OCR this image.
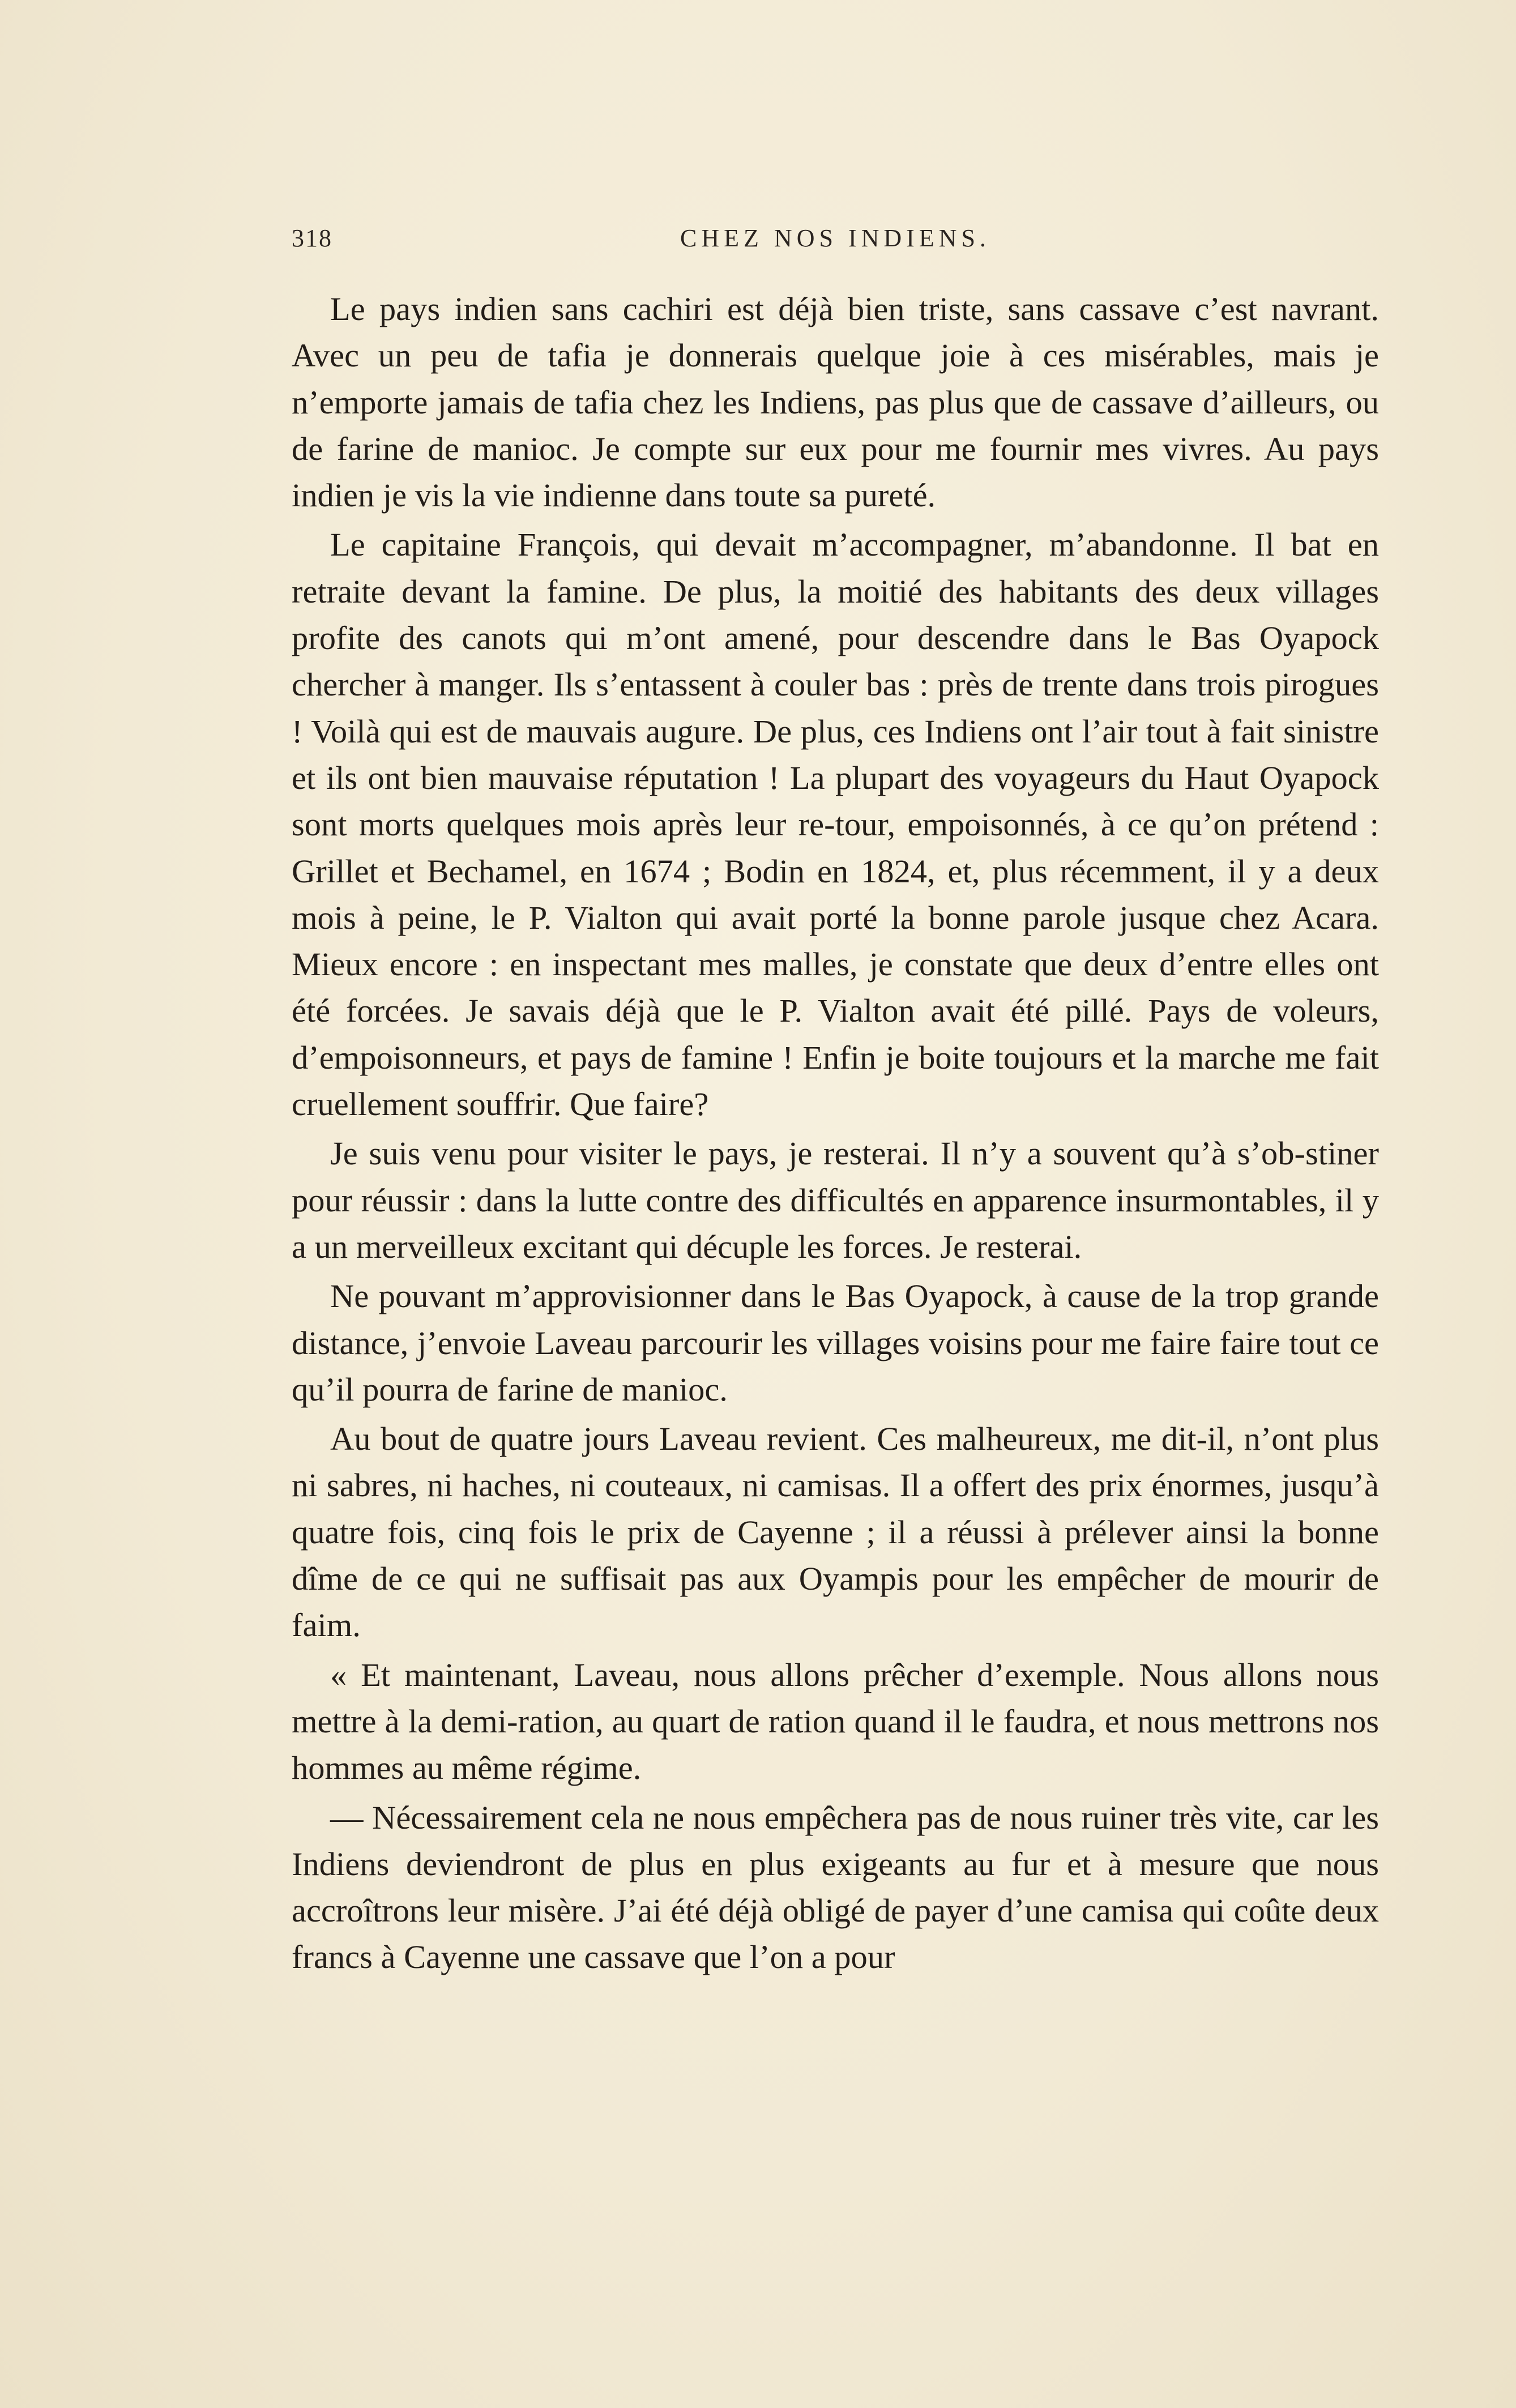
318	CHEZ NOS INDIENS.

Le pays indien sans cachiri est déjà bien triste, sans cassave c’est navrant. Avec un peu de tafia je donnerais quelque joie à ces misérables, mais je n’emporte jamais de tafia chez les Indiens, pas plus que de cassave d’ailleurs, ou de farine de manioc. Je compte sur eux pour me fournir mes vivres. Au pays indien je vis la vie indienne dans toute sa pureté.

Le capitaine François, qui devait m’accompagner, m’abandonne. Il bat en retraite devant la famine. De plus, la moitié des habitants des deux villages profite des canots qui m’ont amené, pour descendre dans le Bas Oyapock chercher à manger. Ils s’entassent à couler bas : près de trente dans trois pirogues ! Voilà qui est de mauvais augure. De plus, ces Indiens ont l’air tout à fait sinistre et ils ont bien mauvaise réputation ! La plupart des voyageurs du Haut Oyapock sont morts quelques mois après leur re-tour, empoisonnés, à ce qu’on prétend : Grillet et Bechamel, en 1674 ; Bodin en 1824, et, plus récemment, il y a deux mois à peine, le P. Vialton qui avait porté la bonne parole jusque chez Acara. Mieux encore : en inspectant mes malles, je constate que deux d’entre elles ont été forcées. Je savais déjà que le P. Vialton avait été pillé. Pays de voleurs, d’empoisonneurs, et pays de famine ! Enfin je boite toujours et la marche me fait cruellement souffrir. Que faire?

Je suis venu pour visiter le pays, je resterai. Il n’y a souvent qu’à s’ob-stiner pour réussir : dans la lutte contre des difficultés en apparence insurmontables, il y a un merveilleux excitant qui décuple les forces. Je resterai.

Ne pouvant m’approvisionner dans le Bas Oyapock, à cause de la trop grande distance, j’envoie Laveau parcourir les villages voisins pour me faire faire tout ce qu’il pourra de farine de manioc.

Au bout de quatre jours Laveau revient. Ces malheureux, me dit-il, n’ont plus ni sabres, ni haches, ni couteaux, ni camisas. Il a offert des prix énormes, jusqu’à quatre fois, cinq fois le prix de Cayenne ; il a réussi à prélever ainsi la bonne dîme de ce qui ne suffisait pas aux Oyampis pour les empêcher de mourir de faim.

« Et maintenant, Laveau, nous allons prêcher d’exemple. Nous allons nous mettre à la demi-ration, au quart de ration quand il le faudra, et nous mettrons nos hommes au même régime.

— Nécessairement cela ne nous empêchera pas de nous ruiner très vite, car les Indiens deviendront de plus en plus exigeants au fur et à mesure que nous accroîtrons leur misère. J’ai été déjà obligé de payer d’une camisa qui coûte deux francs à Cayenne une cassave que l’on a pour
